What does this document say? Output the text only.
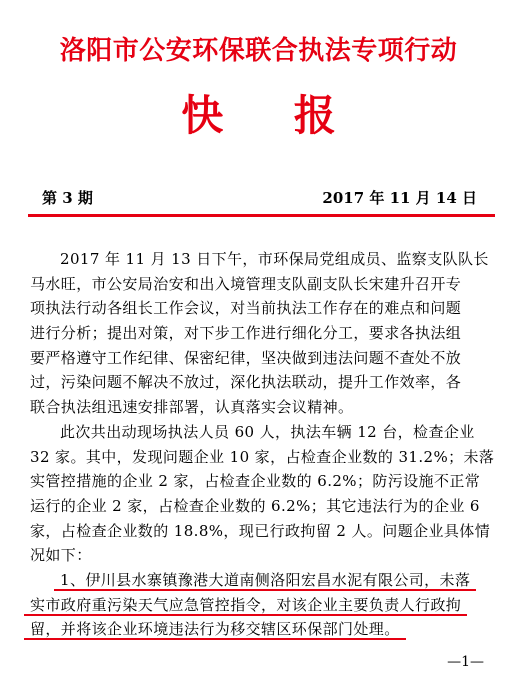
洛阳市公安环保联合执法专项行动
快 报
第 3 期	2017 年 11 月 14 日
2017 年 11 月 13 日下午，市环保局党组成员、监察支队队长
马水旺，市公安局治安和出入境管理支队副支队长宋建升召开专
项执法行动各组长工作会议，对当前执法工作存在的难点和问题
进行分析；提出对策，对下步工作进行细化分工，要求各执法组
要严格遵守工作纪律、保密纪律，坚决做到违法问题不查处不放
过，污染问题不解决不放过，深化执法联动，提升工作效率，各
联合执法组迅速安排部署，认真落实会议精神。
此次共出动现场执法人员 60 人，执法车辆 12 台，检查企业
32 家。其中，发现问题企业 10 家，占检查企业数的 31.2%；未落
实管控措施的企业 2 家，占检查企业数的 6.2%；防污设施不正常
运行的企业 2 家，占检查企业数的 6.2%；其它违法行为的企业 6
家，占检查企业数的 18.8%，现已行政拘留 2 人。问题企业具体情
况如下：
1、伊川县水寨镇豫港大道南侧洛阳宏昌水泥有限公司，未落
实市政府重污染天气应急管控指令，对该企业主要负责人行政拘
留，并将该企业环境违法行为移交辖区环保部门处理。
—1—
